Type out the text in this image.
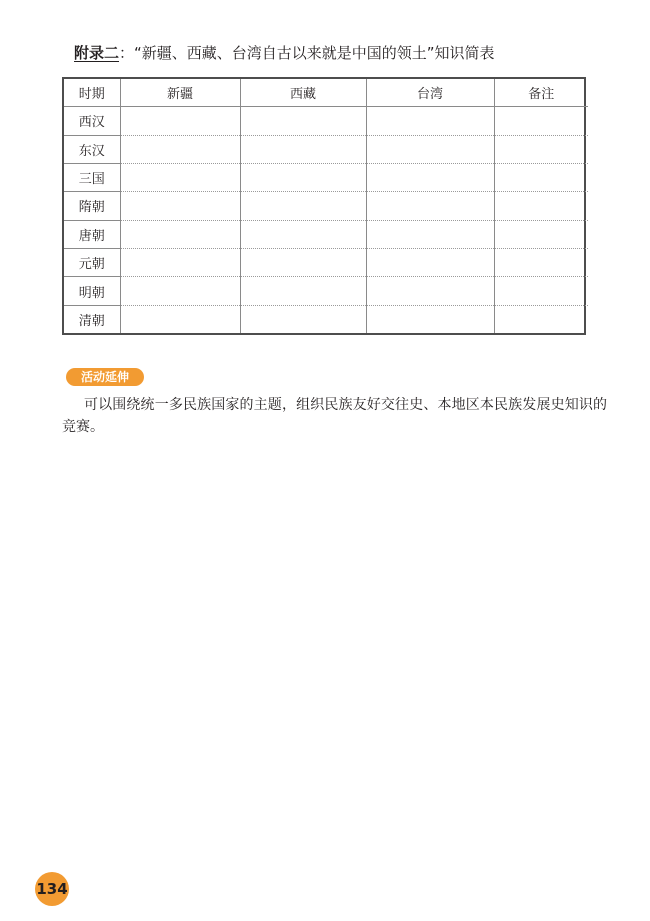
附录二：“新疆、西藏、台湾自古以来就是中国的领土”知识简表
时期	新疆	西藏	台湾	备注
西汉				
东汉				
三国				
隋朝				
唐朝				
元朝				
明朝				
清朝				
活动延伸
可以围绕统一多民族国家的主题，组织民族友好交往史、本地区本民族发展史知识的竞赛。
134
